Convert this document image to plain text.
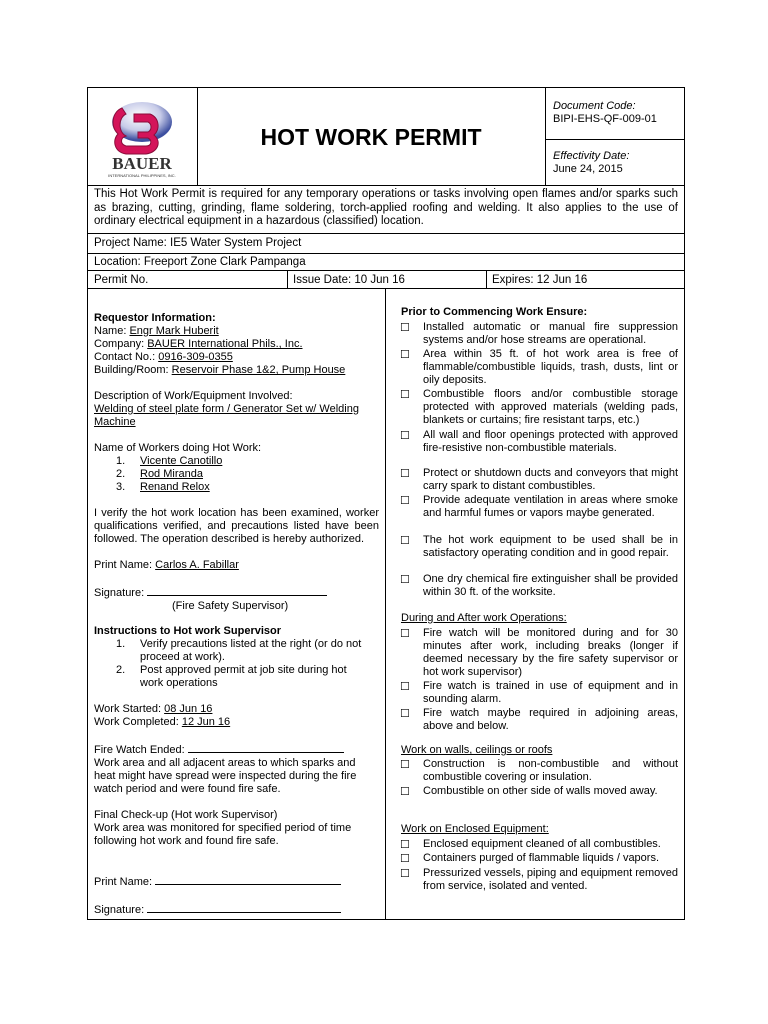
BAUER
INTERNATIONAL PHILIPPINES, INC.
HOT WORK PERMIT
Document Code:
BIPI-EHS-QF-009-01
Effectivity Date:
June 24, 2015
This Hot Work Permit is required for any temporary operations or tasks involving open flames and/or sparks such as brazing, cutting, grinding, flame soldering, torch-applied roofing and welding. It also applies to the use of ordinary electrical equipment in a hazardous (classified) location.
Project Name: IE5 Water System Project
Location: Freeport Zone Clark Pampanga
Permit No.	Issue Date: 10 Jun 16	Expires: 12 Jun 16
Requestor Information:
Name: Engr Mark Huberit
Company: BAUER International Phils., Inc.
Contact No.: 0916-309-0355
Building/Room: Reservoir Phase 1&2, Pump House
Description of Work/Equipment Involved:
Welding of steel plate form / Generator Set w/ Welding
Machine
Name of Workers doing Hot Work:
1. Vicente Canotillo
2. Rod Miranda
3. Renand Relox
I verify the hot work location has been examined, worker qualifications verified, and precautions listed have been followed. The operation described is hereby authorized.
Print Name: Carlos A. Fabillar
Signature:
(Fire Safety Supervisor)
Instructions to Hot work Supervisor
1. Verify precautions listed at the right (or do not
proceed at work).
2. Post approved permit at job site during hot
work operations
Work Started: 08 Jun 16
Work Completed: 12 Jun 16
Fire Watch Ended:
Work area and all adjacent areas to which sparks and heat might have spread were inspected during the fire watch period and were found fire safe.
Final Check-up (Hot work Supervisor)
Work area was monitored for specified period of time following hot work and found fire safe.
Print Name:
Signature:
Prior to Commencing Work Ensure:
☐ Installed automatic or manual fire suppression systems and/or hose streams are operational.
☐ Area within 35 ft. of hot work area is free of flammable/combustible liquids, trash, dusts, lint or oily deposits.
☐ Combustible floors and/or combustible storage protected with approved materials (welding pads, blankets or curtains; fire resistant tarps, etc.)
☐ All wall and floor openings protected with approved fire-resistive non-combustible materials.
☐ Protect or shutdown ducts and conveyors that might carry spark to distant combustibles.
☐ Provide adequate ventilation in areas where smoke and harmful fumes or vapors maybe generated.
☐ The hot work equipment to be used shall be in satisfactory operating condition and in good repair.
☐ One dry chemical fire extinguisher shall be provided within 30 ft. of the worksite.
During and After work Operations:
☐ Fire watch will be monitored during and for 30 minutes after work, including breaks (longer if deemed necessary by the fire safety supervisor or hot work supervisor)
☐ Fire watch is trained in use of equipment and in sounding alarm.
☐ Fire watch maybe required in adjoining areas, above and below.
Work on walls, ceilings or roofs
☐ Construction is non-combustible and without combustible covering or insulation.
☐ Combustible on other side of walls moved away.
Work on Enclosed Equipment:
☐ Enclosed equipment cleaned of all combustibles.
☐ Containers purged of flammable liquids / vapors.
☐ Pressurized vessels, piping and equipment removed from service, isolated and vented.
